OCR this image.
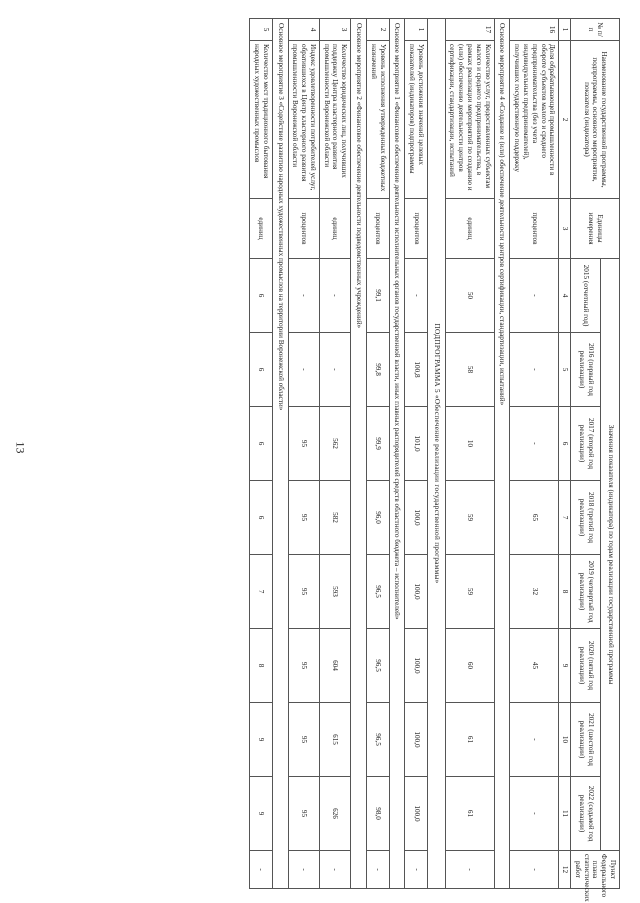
13
№ п/п	Наименование государственной программы, подпрограммы, основного мероприятия, показателя (индикатора)	Единицы измерения	Значения показателя (индикатора) по годам реализации государственной программы								Пункт Федерального плана статистических работ
			2015 (отчетный год)	2016 (первый год реализации)	2017 (второй год реализации)	2018 (третий год реализации)	2019 (четвертый год реализации)	2020 (пятый год реализации)	2021 (шестой год реализации)	2022 (седьмой год реализации)	
1	2	3	4	5	6	7	8	9	10	11	12
16	Доля обрабатывающей промышленности в обороте субъектов малого и среднего предпринимательства (без учета индивидуальных предпринимателей), получивших государственную поддержку	процентов	-	-	-	65	32	45	-	-	-
Основное мероприятие 4 «Создание и (или) обеспечение деятельности центров сертификации, стандартизации, испытаний»											
17	Количество услуг, предоставленных субъектам малого и среднего предпринимательства, в рамках реализации мероприятий по созданию и (или) обеспечению деятельности центров сертификации, стандартизации, испытаний	единиц	50	58	10	59	59	60	61	61	-
ПОДПРОГРАММА 5 «Обеспечение реализации государственной программы»											
1	Уровень достижения значений целевых показателей (индикаторов) подпрограммы	процентов	-	100,8	101,0	100,0	100,0	100,0	100,0	100,0	-
Основное мероприятие 1 «Финансовое обеспечение деятельности исполнительных органов государственной власти, иных главных распорядителей средств областного бюджета – исполнителей»											
2	Уровень исполнения утвержденных бюджетных назначений	процентов	99,1	99,8	99,9	96,0	96,5	96,5	96,5	98,0	-
Основное мероприятие 2 «Финансовое обеспечение деятельности подведомственных учреждений»											
3	Количество юридических лиц, получивших поддержку Центра кластерного развития промышленности Воронежской области	единиц	-	-	562	582	593	604	615	626	-
4	Индекс удовлетворенности потребителей услуг, обратившихся в Центр кластерного развития промышленности Воронежской области	процентов	-	-	95	95	95	95	95	95	-
Основное мероприятие 3 «Содействие развитию народных художественных промыслов на территории Воронежской области»											
5	Количество мест традиционного бытования народных художественных промыслов	единиц	6	6	6	6	7	8	9	9	-
